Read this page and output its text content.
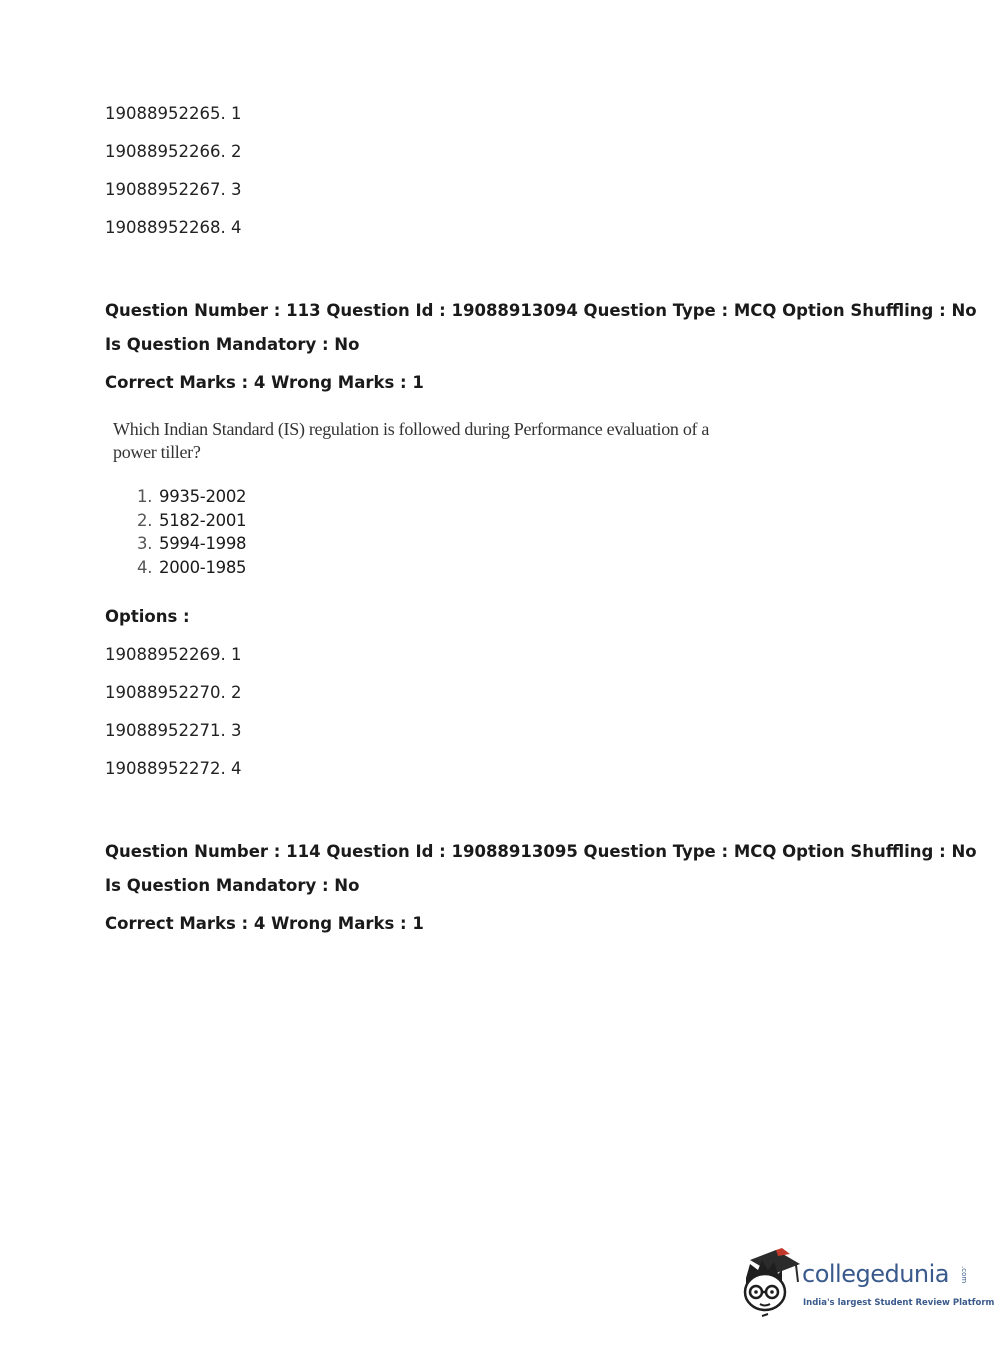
19088952265. 1
19088952266. 2
19088952267. 3
19088952268. 4
Question Number : 113 Question Id : 19088913094 Question Type : MCQ Option Shuffling : No
Is Question Mandatory : No
Correct Marks : 4 Wrong Marks : 1
Which Indian Standard (IS) regulation is followed during Performance evaluation of a power tiller?
1. 9935-2002
2. 5182-2001
3. 5994-1998
4. 2000-1985
Options :
19088952269. 1
19088952270. 2
19088952271. 3
19088952272. 4
Question Number : 114 Question Id : 19088913095 Question Type : MCQ Option Shuffling : No
Is Question Mandatory : No
Correct Marks : 4 Wrong Marks : 1
collegedunia .com
India's largest Student Review Platform
